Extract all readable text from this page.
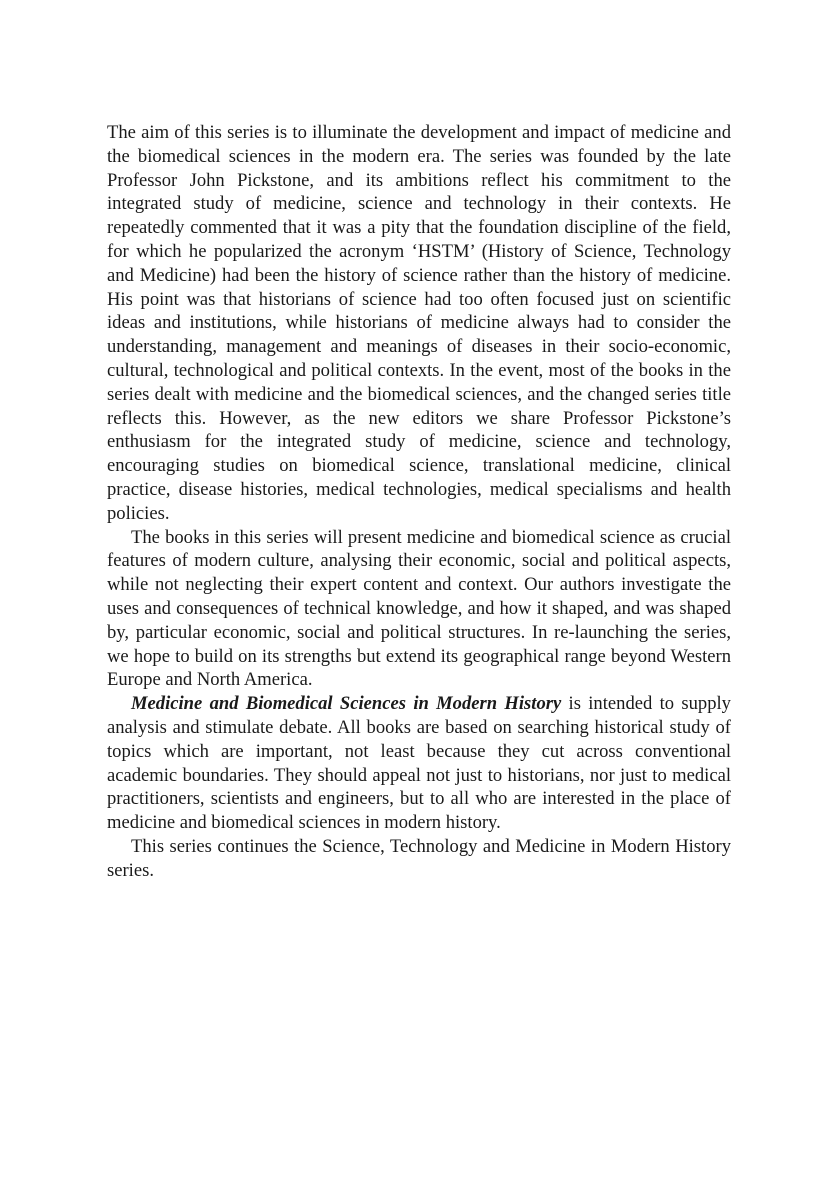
The aim of this series is to illuminate the development and impact of medicine and the biomedical sciences in the modern era. The series was founded by the late Professor John Pickstone, and its ambitions reflect his commitment to the integrated study of medicine, science and technology in their contexts. He repeatedly commented that it was a pity that the foundation discipline of the field, for which he popularized the acronym ‘HSTM’ (History of Science, Technology and Medicine) had been the history of science rather than the history of medicine. His point was that historians of science had too often focused just on scientific ideas and institutions, while historians of medicine always had to consider the understanding, management and meanings of diseases in their socio-economic, cultural, technological and political contexts. In the event, most of the books in the series dealt with medicine and the biomedical sciences, and the changed series title reflects this. However, as the new editors we share Professor Pickstone’s enthusiasm for the integrated study of medicine, science and technology, encouraging studies on biomedical science, translational medicine, clinical practice, disease histories, medical technologies, medical specialisms and health policies.

The books in this series will present medicine and biomedical science as crucial features of modern culture, analysing their economic, social and political aspects, while not neglecting their expert content and context. Our authors investigate the uses and consequences of technical knowledge, and how it shaped, and was shaped by, particular economic, social and political structures. In re-launching the series, we hope to build on its strengths but extend its geographical range beyond Western Europe and North America.

Medicine and Biomedical Sciences in Modern History is intended to supply analysis and stimulate debate. All books are based on searching historical study of topics which are important, not least because they cut across conventional academic boundaries. They should appeal not just to historians, nor just to medical practitioners, scientists and engineers, but to all who are interested in the place of medicine and biomedical sciences in modern history.

This series continues the Science, Technology and Medicine in Modern History series.
